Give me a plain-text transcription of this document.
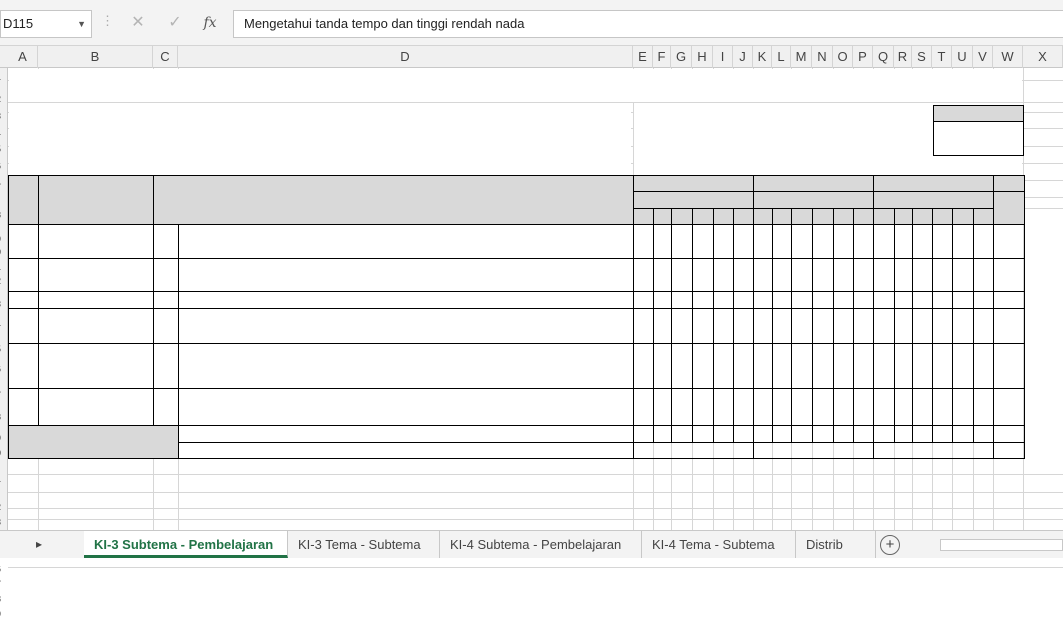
D115	▼ ⋮	✕	✓	fx	Mengetahui tanda tempo dan tinggi rendah nada
A	B	C	D	E F G H	I	J K L M N O P Q R S T U V	W	X
▸	KI-3 Subtema - Pembelajaran	KI-3 Tema - Subtema	KI-4 Subtema - Pembelajaran	KI-4 Tema - Subtema	Distrib	+
